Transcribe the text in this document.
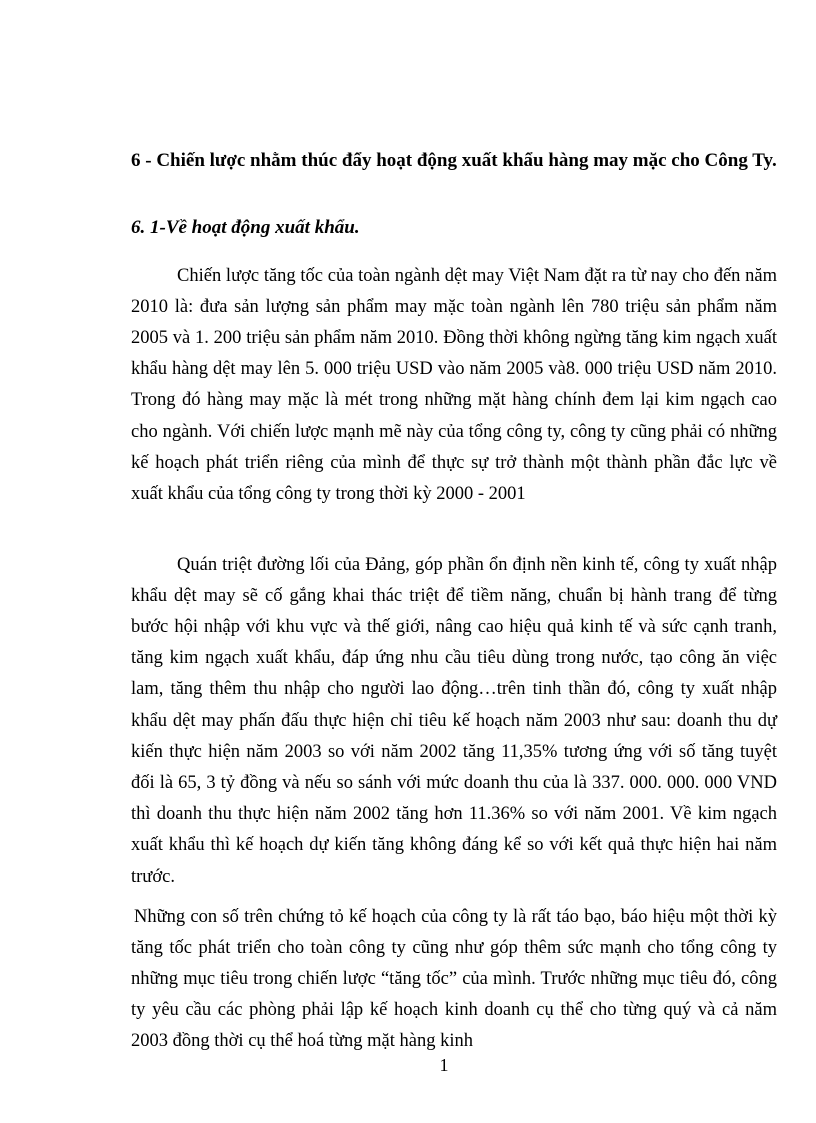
6 - Chiến lược nhằm thúc đẩy hoạt động xuất khẩu hàng may mặc cho Công Ty.
6. 1-Về hoạt động xuất khẩu.

Chiến lược tăng tốc của toàn ngành dệt may Việt Nam đặt ra từ nay cho đến năm 2010 là: đưa sản lượng sản phẩm may mặc toàn ngành lên 780 triệu sản phẩm năm 2005 và 1. 200 triệu sản phẩm năm 2010. Đồng thời không ngừng tăng kim ngạch xuất khẩu hàng dệt may lên 5. 000 triệu USD vào năm 2005 và8. 000 triệu USD năm 2010. Trong đó hàng may mặc là mét trong những mặt hàng chính đem lại kim ngạch cao cho ngành. Với chiến lược mạnh mẽ này của tổng công ty, công ty cũng phải có những kế hoạch phát triển riêng của mình để thực sự trở thành một thành phần đắc lực về xuất khẩu của tổng công ty trong thời kỳ 2000 - 2001

Quán triệt đường lối của Đảng, góp phần ổn định nền kinh tế, công ty xuất nhập khẩu dệt may sẽ cố gắng khai thác triệt để tiềm năng, chuẩn bị hành trang để từng bước hội nhập với khu vực và thế giới, nâng cao hiệu quả kinh tế và sức cạnh tranh, tăng kim ngạch xuất khẩu, đáp ứng nhu cầu tiêu dùng trong nước, tạo công ăn việc lam, tăng thêm thu nhập cho người lao động…trên tinh thần đó, công ty xuất nhập khẩu dệt may phấn đấu thực hiện chỉ tiêu kế hoạch năm 2003 như sau: doanh thu dự kiến thực hiện năm 2003 so với năm 2002 tăng 11,35% tương ứng với số tăng tuyệt đối là 65, 3 tỷ đồng và nếu so sánh với mức doanh thu của là 337. 000. 000. 000 VND thì doanh thu thực hiện năm 2002 tăng hơn 11.36% so với năm 2001. Về kim ngạch xuất khẩu thì kế hoạch dự kiến tăng không đáng kể so với kết quả thực hiện hai năm trước.

Những con số trên chứng tỏ kế hoạch của công ty là rất táo bạo, báo hiệu một thời kỳ tăng tốc phát triển cho toàn công ty cũng như góp thêm sức mạnh cho tổng công ty những mục tiêu trong chiến lược “tăng tốc” của mình. Trước những mục tiêu đó, công ty yêu cầu các phòng phải lập kế hoạch kinh doanh cụ thể cho từng quý và cả năm 2003 đồng thời cụ thể hoá từng mặt hàng kinh

1
